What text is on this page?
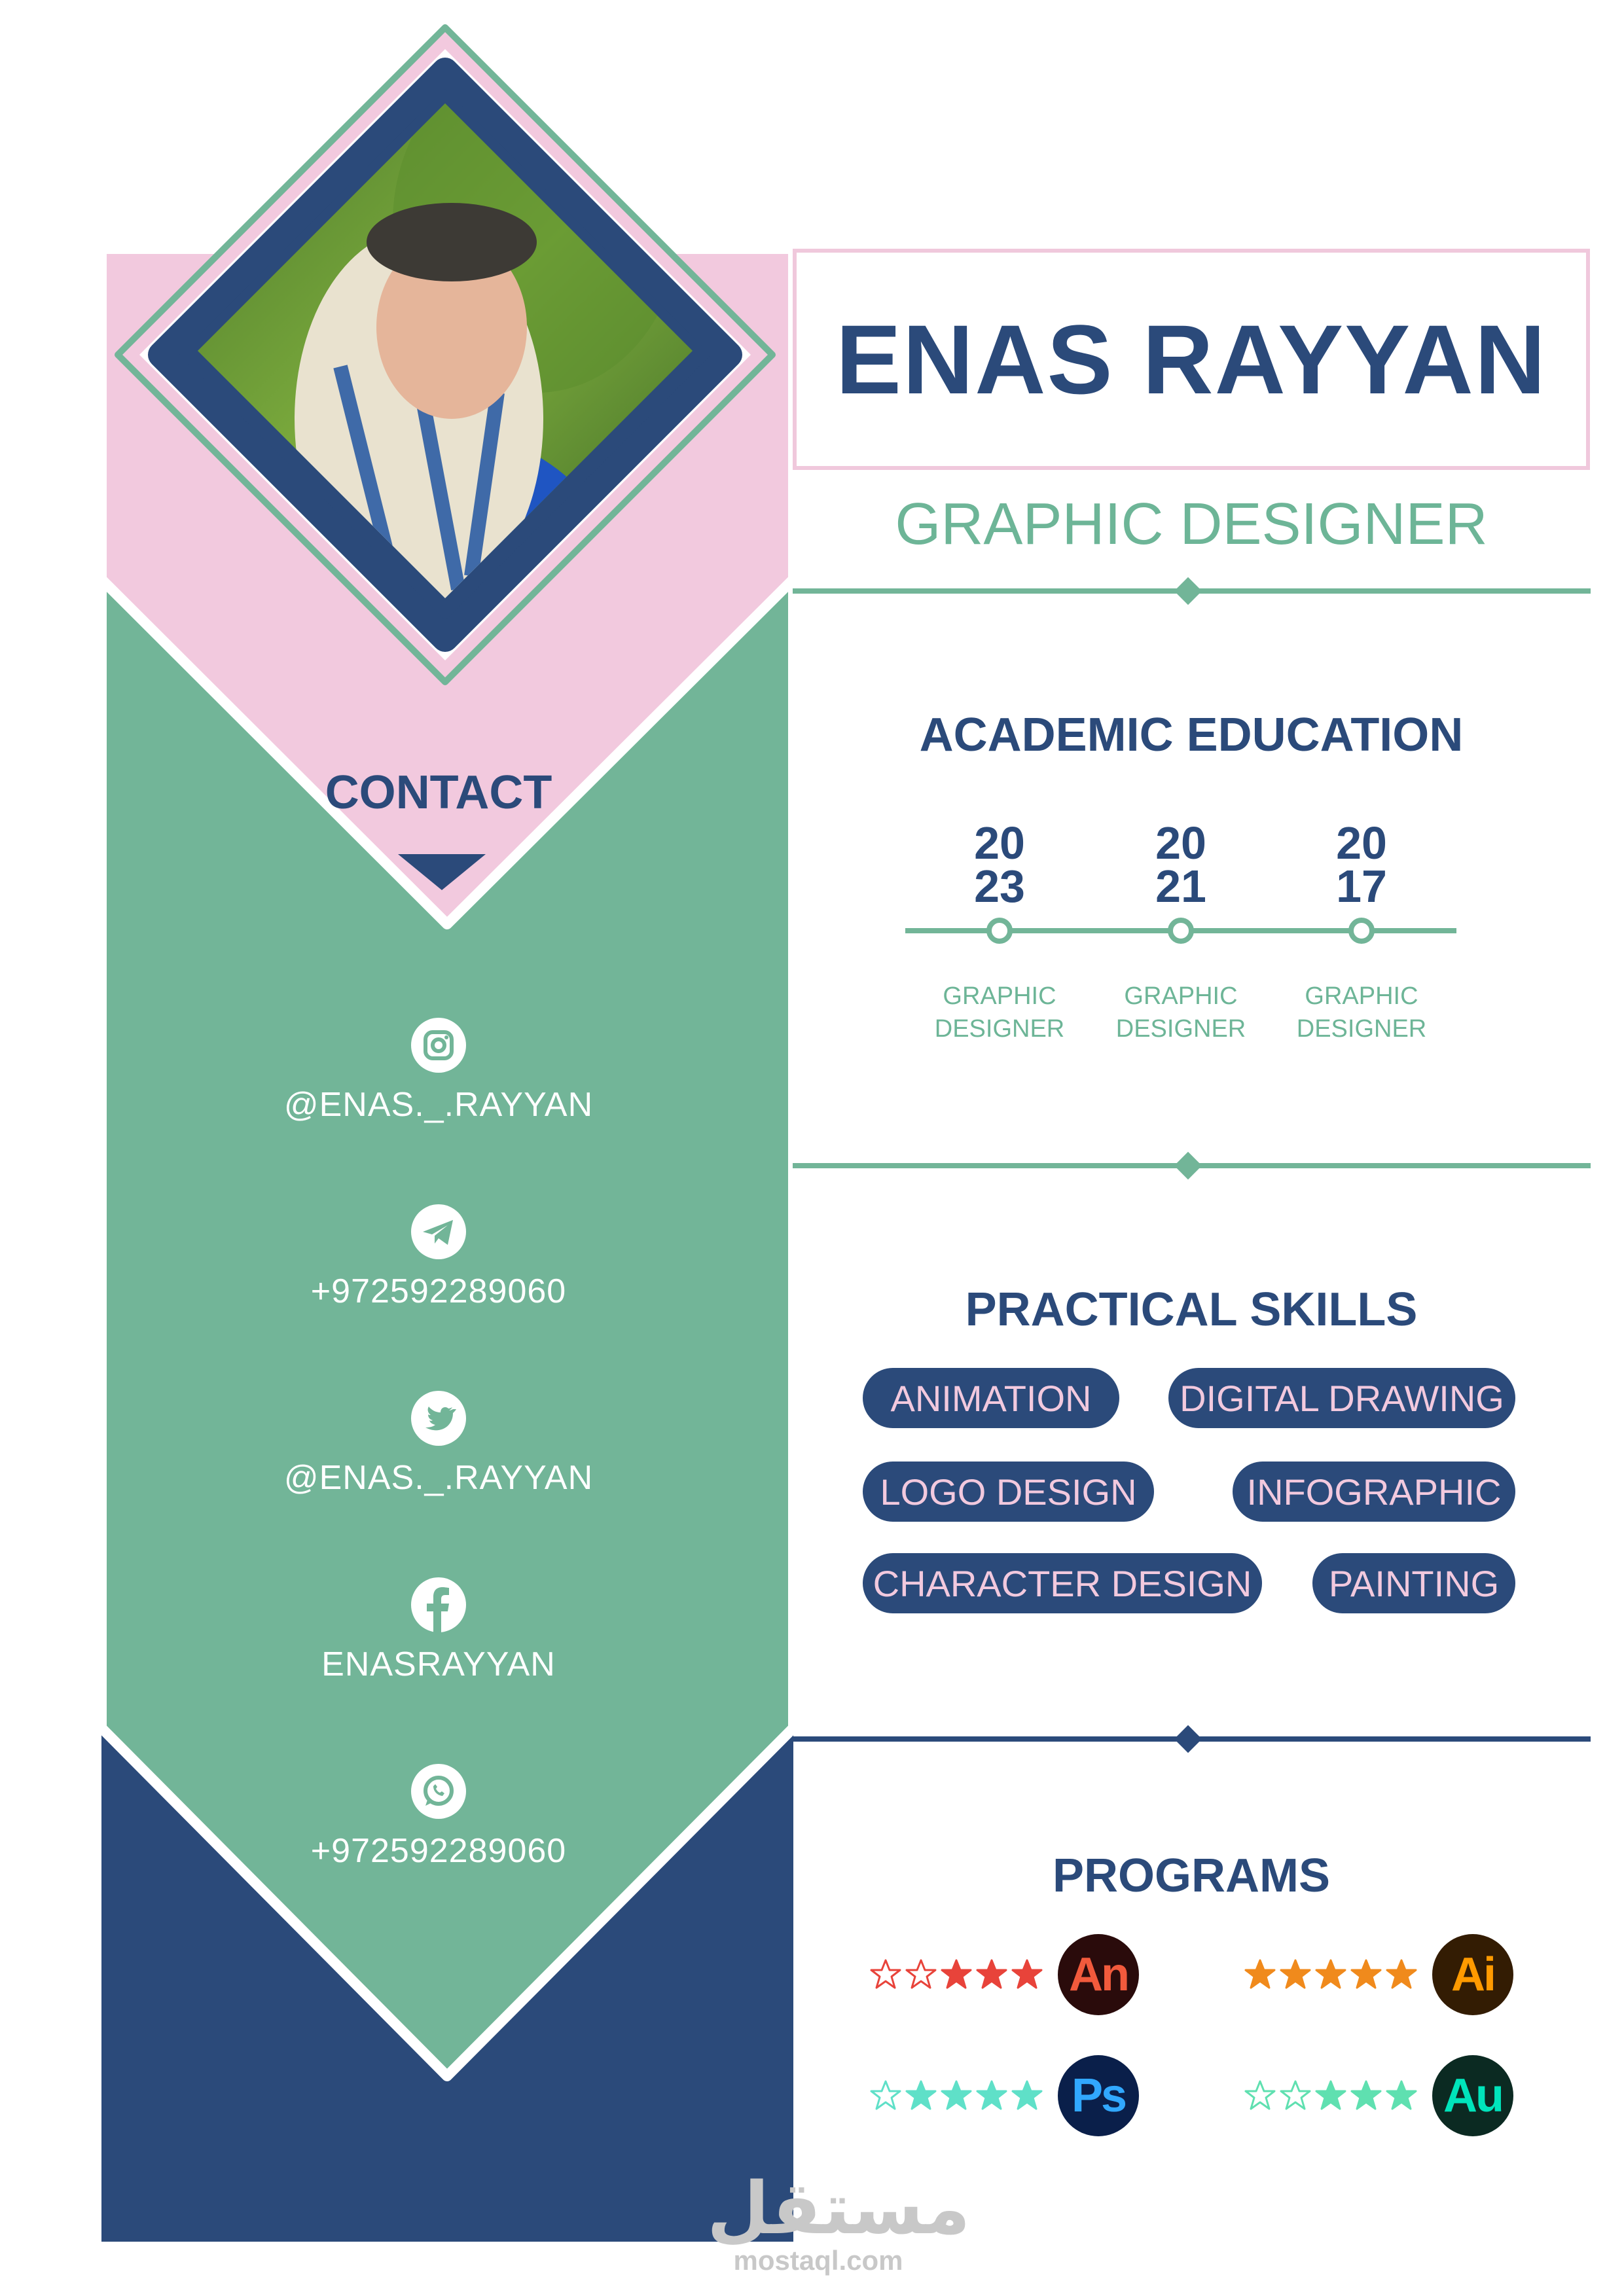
ENAS RAYYAN
GRAPHIC DESIGNER
CONTACT
@ENAS._.RAYYAN
+972592289060
@ENAS._.RAYYAN
ENASRAYYAN
+972592289060
ACADEMIC EDUCATION
20
23
GRAPHIC
DESIGNER
20
21
GRAPHIC
DESIGNER
20
17
GRAPHIC
DESIGNER
PRACTICAL SKILLS
ANIMATION	DIGITAL DRAWING
LOGO DESIGN	INFOGRAPHIC
CHARACTER DESIGN	PAINTING
PROGRAMS
An	Ai
Ps	Au
مستقل
mostaql.com
